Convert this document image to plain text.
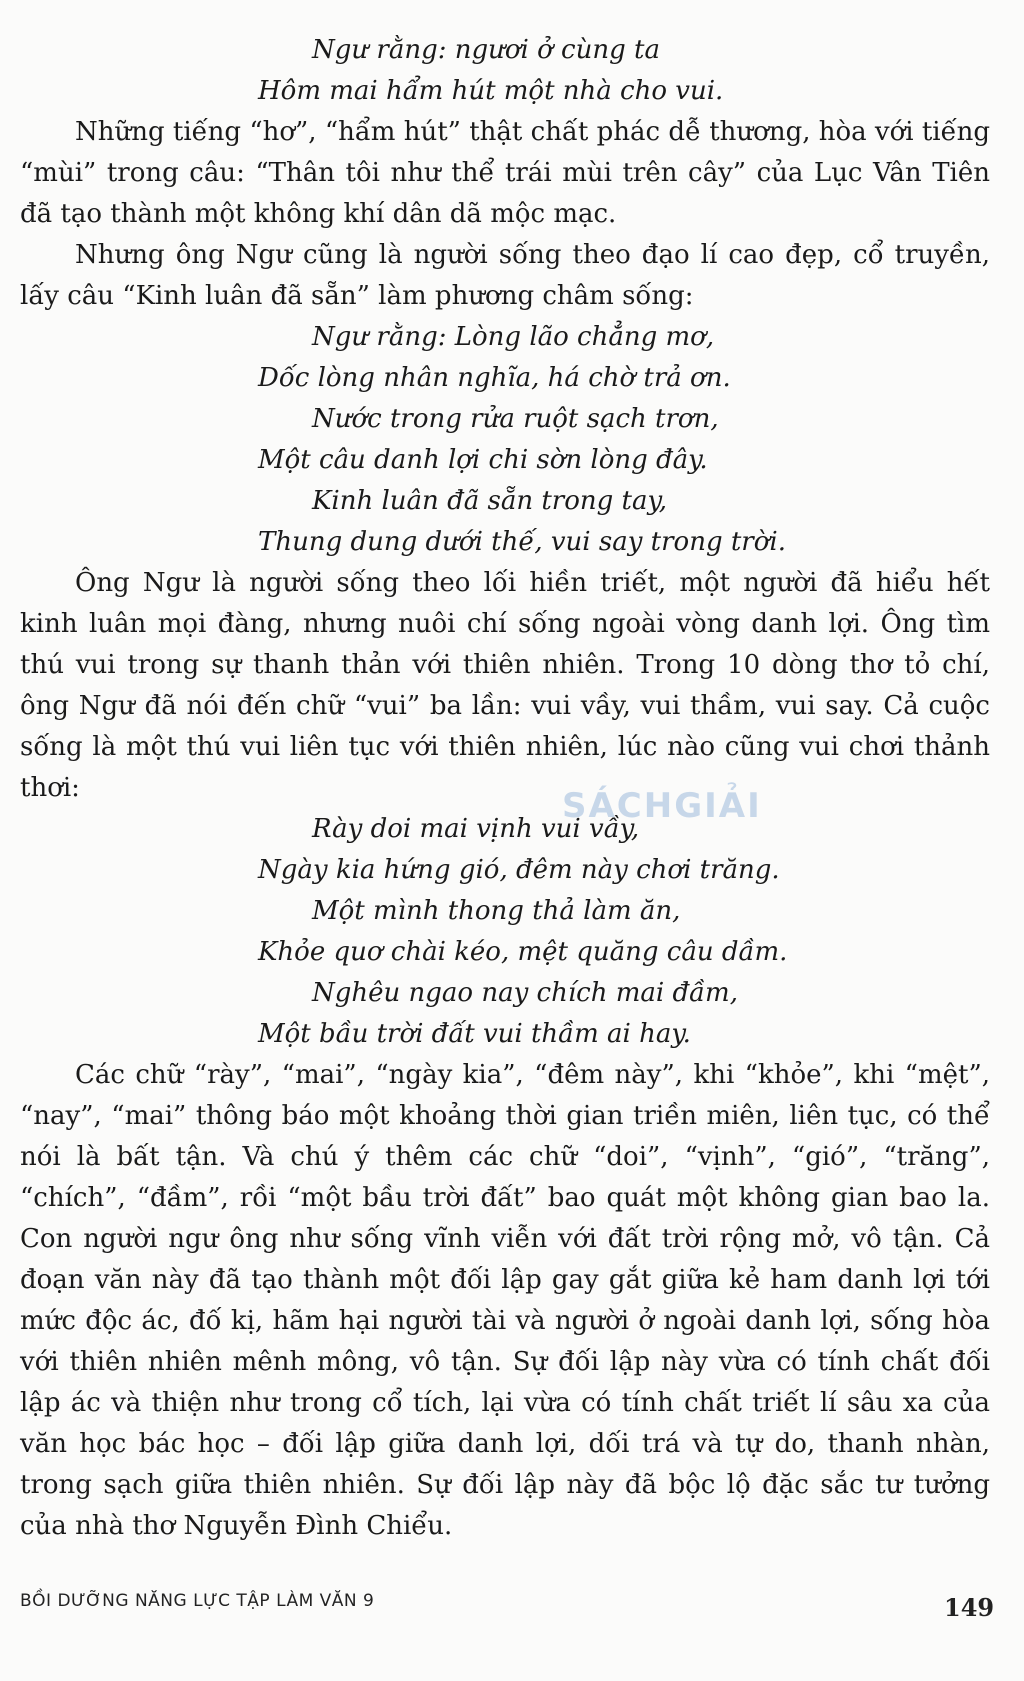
Ngư rằng: ngươi ở cùng ta
Hôm mai hẩm hút một nhà cho vui.

Những tiếng “hơ”, “hẩm hút” thật chất phác dễ thương, hòa với tiếng “mùi” trong câu: “Thân tôi như thể trái mùi trên cây” của Lục Vân Tiên đã tạo thành một không khí dân dã mộc mạc.

Nhưng ông Ngư cũng là người sống theo đạo lí cao đẹp, cổ truyền, lấy câu “Kinh luân đã sẵn” làm phương châm sống:

Ngư rằng: Lòng lão chẳng mơ,
Dốc lòng nhân nghĩa, há chờ trả ơn.
Nước trong rửa ruột sạch trơn,
Một câu danh lợi chi sờn lòng đây.
Kinh luân đã sẵn trong tay,
Thung dung dưới thế, vui say trong trời.

Ông Ngư là người sống theo lối hiền triết, một người đã hiểu hết kinh luân mọi đàng, nhưng nuôi chí sống ngoài vòng danh lợi. Ông tìm thú vui trong sự thanh thản với thiên nhiên. Trong 10 dòng thơ tỏ chí, ông Ngư đã nói đến chữ “vui” ba lần: vui vầy, vui thầm, vui say. Cả cuộc sống là một thú vui liên tục với thiên nhiên, lúc nào cũng vui chơi thảnh thơi:

Rày doi mai vịnh vui vầy,
Ngày kia hứng gió, đêm này chơi trăng.
Một mình thong thả làm ăn,
Khỏe quơ chài kéo, mệt quăng câu dầm.
Nghêu ngao nay chích mai đầm,
Một bầu trời đất vui thầm ai hay.

Các chữ “rày”, “mai”, “ngày kia”, “đêm này”, khi “khỏe”, khi “mệt”, “nay”, “mai” thông báo một khoảng thời gian triền miên, liên tục, có thể nói là bất tận. Và chú ý thêm các chữ “doi”, “vịnh”, “gió”, “trăng”, “chích”, “đầm”, rồi “một bầu trời đất” bao quát một không gian bao la. Con người ngư ông như sống vĩnh viễn với đất trời rộng mở, vô tận. Cả đoạn văn này đã tạo thành một đối lập gay gắt giữa kẻ ham danh lợi tới mức độc ác, đố kị, hãm hại người tài và người ở ngoài danh lợi, sống hòa với thiên nhiên mênh mông, vô tận. Sự đối lập này vừa có tính chất đối lập ác và thiện như trong cổ tích, lại vừa có tính chất triết lí sâu xa của văn học bác học – đối lập giữa danh lợi, dối trá và tự do, thanh nhàn, trong sạch giữa thiên nhiên. Sự đối lập này đã bộc lộ đặc sắc tư tưởng của nhà thơ Nguyễn Đình Chiểu.

SÁCHGIẢI
BỒI DƯỠNG NĂNG LỰC TẬP LÀM VĂN 9	149
